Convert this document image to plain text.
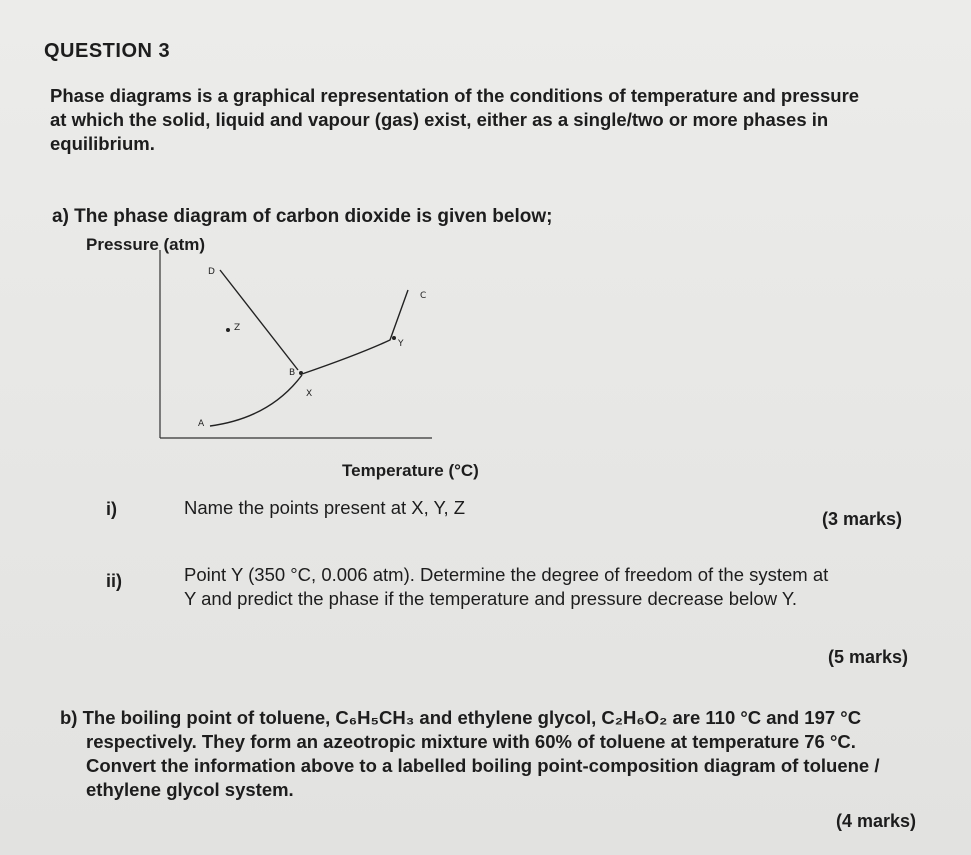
QUESTION 3
Phase diagrams is a graphical representation of the conditions of temperature and pressure
at which the solid, liquid and vapour (gas) exist, either as a single/two or more phases in
equilibrium.
a) The phase diagram of carbon dioxide is given below;
Pressure (atm)
D
C
Z
Y
B
X
A
Temperature (°C)
i)	Name the points present at X, Y, Z
(3 marks)
ii)	Point Y (350 °C, 0.006 atm). Determine the degree of freedom of the system at
Y and predict the phase if the temperature and pressure decrease below Y.
(5 marks)
b) The boiling point of toluene, C₆H₅CH₃ and ethylene glycol, C₂H₆O₂ are 110 °C and 197 °C
respectively. They form an azeotropic mixture with 60% of toluene at temperature 76 °C.
Convert the information above to a labelled boiling point-composition diagram of toluene /
ethylene glycol system.
(4 marks)
